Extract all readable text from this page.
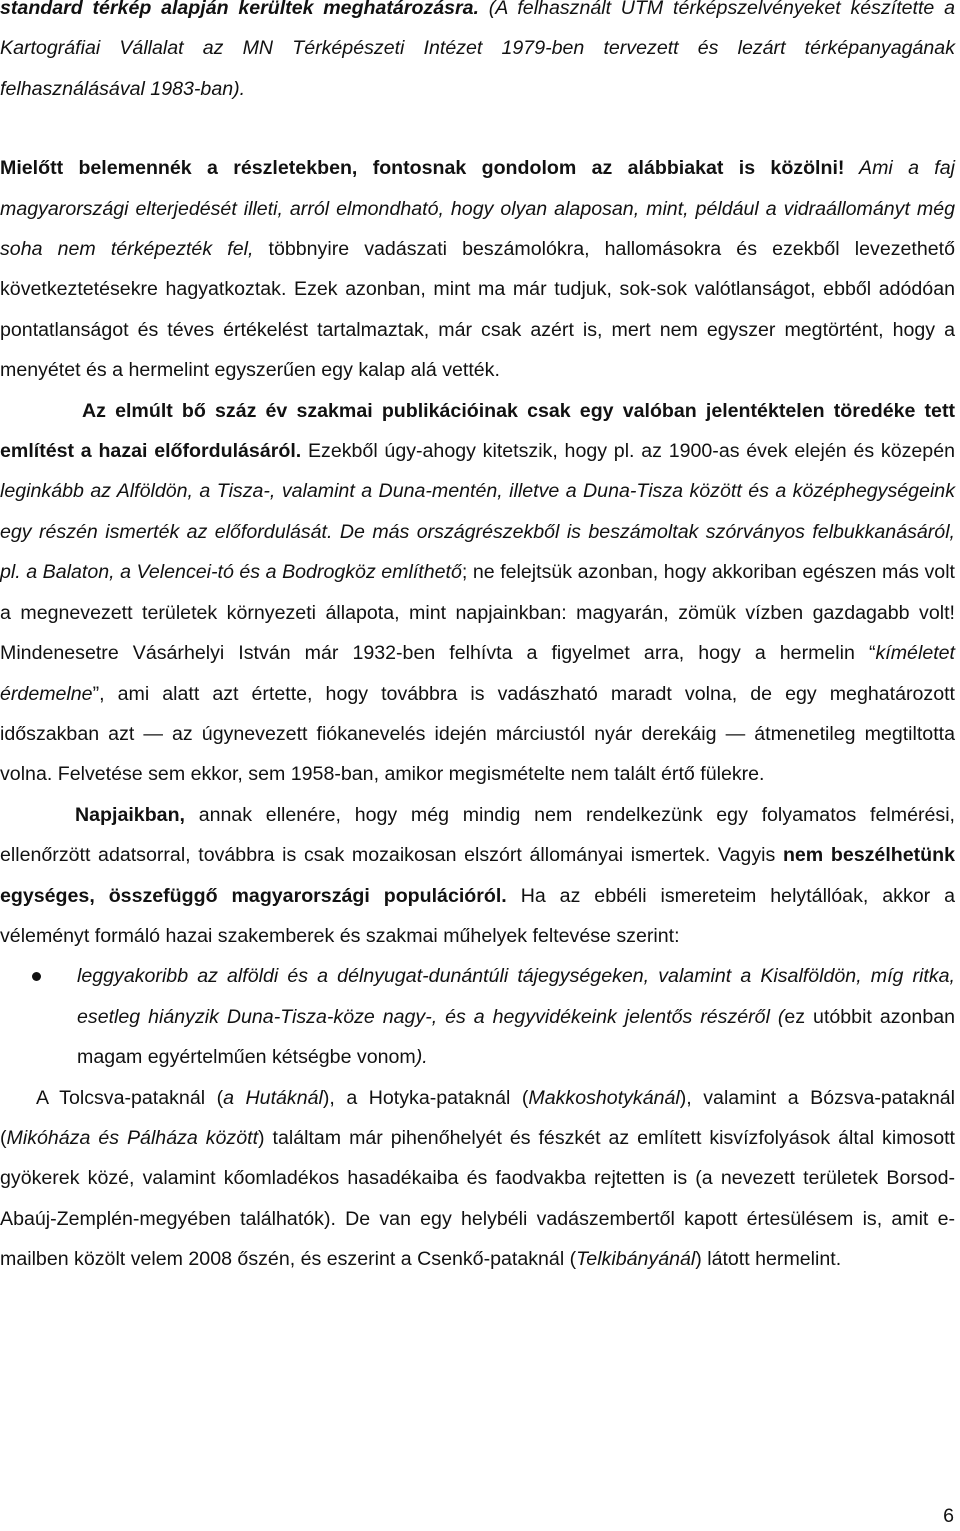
standard térkép alapján kerültek meghatározásra. (A felhasznált UTM térképszelvényeket készítette a Kartográfiai Vállalat az MN Térképészeti Intézet 1979-ben tervezett és lezárt térképanyagának felhasználásával 1983-ban).

Mielőtt belemennék a részletekben, fontosnak gondolom az alábbiakat is közölni! Ami a faj magyarországi elterjedését illeti, arról elmondható, hogy olyan alaposan, mint, például a vidraállományt még soha nem térképezték fel, többnyire vadászati beszámolókra, hallomásokra és ezekből levezethető következtetésekre hagyatkoztak. Ezek azonban, mint ma már tudjuk, sok-sok valótlanságot, ebből adódóan pontatlanságot és téves értékelést tartalmaztak, már csak azért is, mert nem egyszer megtörtént, hogy a menyétet és a hermelint egyszerűen egy kalap alá vették.

Az elmúlt bő száz év szakmai publikációinak csak egy valóban jelentéktelen töredéke tett említést a hazai előfordulásáról. Ezekből úgy-ahogy kitetszik, hogy pl. az 1900-as évek elején és közepén leginkább az Alföldön, a Tisza-, valamint a Duna-mentén, illetve a Duna-Tisza között és a középhegységeink egy részén ismerték az előfordulását. De más országrészekből is beszámoltak szórványos felbukkanásáról, pl. a Balaton, a Velencei-tó és a Bodrogköz említhető; ne felejtsük azonban, hogy akkoriban egészen más volt a megnevezett területek környezeti állapota, mint napjainkban: magyarán, zömük vízben gazdagabb volt! Mindenesetre Vásárhelyi István már 1932-ben felhívta a figyelmet arra, hogy a hermelin “kíméletet érdemelne”, ami alatt azt értette, hogy továbbra is vadászható maradt volna, de egy meghatározott időszakban azt — az úgynevezett fiókanevelés idején márciustól nyár derekáig — átmenetileg megtiltotta volna. Felvetése sem ekkor, sem 1958-ban, amikor megismételte nem talált értő fülekre.

Napjaikban, annak ellenére, hogy még mindig nem rendelkezünk egy folyamatos felmérési, ellenőrzött adatsorral, továbbra is csak mozaikosan elszórt állományai ismertek. Vagyis nem beszélhetünk egységes, összefüggő magyarországi populációról. Ha az ebbéli ismereteim helytállóak, akkor a véleményt formáló hazai szakemberek és szakmai műhelyek feltevése szerint:

leggyakoribb az alföldi és a délnyugat-dunántúli tájegységeken, valamint a Kisalföldön, míg ritka, esetleg hiányzik Duna-Tisza-köze nagy-, és a hegyvidékeink jelentős részéről (ez utóbbit azonban magam egyértelműen kétségbe vonom).

A Tolcsva-pataknál (a Hutáknál), a Hotyka-pataknál (Makkoshotykánál), valamint a Bózsva-pataknál (Mikóháza és Pálháza között) találtam már pihenőhelyét és fészkét az említett kisvízfolyások által kimosott gyökerek közé, valamint kőomladékos hasadékaiba és faodvakba rejtetten is (a nevezett területek Borsod-Abaúj-Zemplén-megyében találhatók). De van egy helybéli vadászembertől kapott értesülésem is, amit e-mailben közölt velem 2008 őszén, és eszerint a Csenkő-pataknál (Telkibányánál) látott hermelint.

6
